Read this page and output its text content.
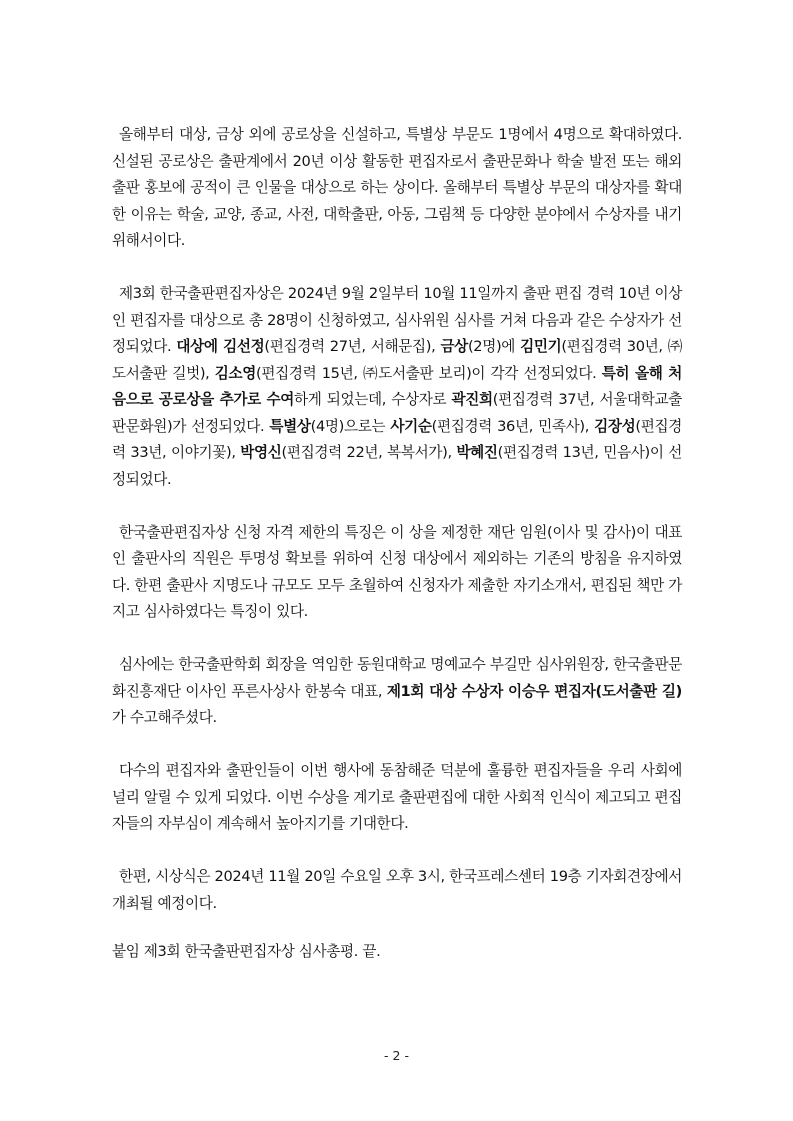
올해부터 대상, 금상 외에 공로상을 신설하고, 특별상 부문도 1명에서 4명으로 확대하였다. 신설된 공로상은 출판계에서 20년 이상 활동한 편집자로서 출판문화나 학술 발전 또는 해외 출판 홍보에 공적이 큰 인물을 대상으로 하는 상이다. 올해부터 특별상 부문의 대상자를 확대한 이유는 학술, 교양, 종교, 사전, 대학출판, 아동, 그림책 등 다양한 분야에서 수상자를 내기 위해서이다.

제3회 한국출판편집자상은 2024년 9월 2일부터 10월 11일까지 출판 편집 경력 10년 이상인 편집자를 대상으로 총 28명이 신청하였고, 심사위원 심사를 거쳐 다음과 같은 수상자가 선정되었다. 대상에 김선정(편집경력 27년, 서해문집), 금상(2명)에 김민기(편집경력 30년, ㈜도서출판 길벗), 김소영(편집경력 15년, ㈜도서출판 보리)이 각각 선정되었다. 특히 올해 처음으로 공로상을 추가로 수여하게 되었는데, 수상자로 곽진희(편집경력 37년, 서울대학교출판문화원)가 선정되었다. 특별상(4명)으로는 사기순(편집경력 36년, 민족사), 김장성(편집경력 33년, 이야기꽃), 박영신(편집경력 22년, 복복서가), 박혜진(편집경력 13년, 민음사)이 선정되었다.

한국출판편집자상 신청 자격 제한의 특징은 이 상을 제정한 재단 임원(이사 및 감사)이 대표인 출판사의 직원은 투명성 확보를 위하여 신청 대상에서 제외하는 기존의 방침을 유지하였다. 한편 출판사 지명도나 규모도 모두 초월하여 신청자가 제출한 자기소개서, 편집된 책만 가지고 심사하였다는 특징이 있다.

심사에는 한국출판학회 회장을 역임한 동원대학교 명예교수 부길만 심사위원장, 한국출판문화진흥재단 이사인 푸른사상사 한봉숙 대표, 제1회 대상 수상자 이승우 편집자(도서출판 길)가 수고해주셨다.

다수의 편집자와 출판인들이 이번 행사에 동참해준 덕분에 훌륭한 편집자들을 우리 사회에 널리 알릴 수 있게 되었다. 이번 수상을 계기로 출판편집에 대한 사회적 인식이 제고되고 편집자들의 자부심이 계속해서 높아지기를 기대한다.

한편, 시상식은 2024년 11월 20일 수요일 오후 3시, 한국프레스센터 19층 기자회견장에서 개최될 예정이다.

붙임 제3회 한국출판편집자상 심사총평. 끝.

- 2 -
